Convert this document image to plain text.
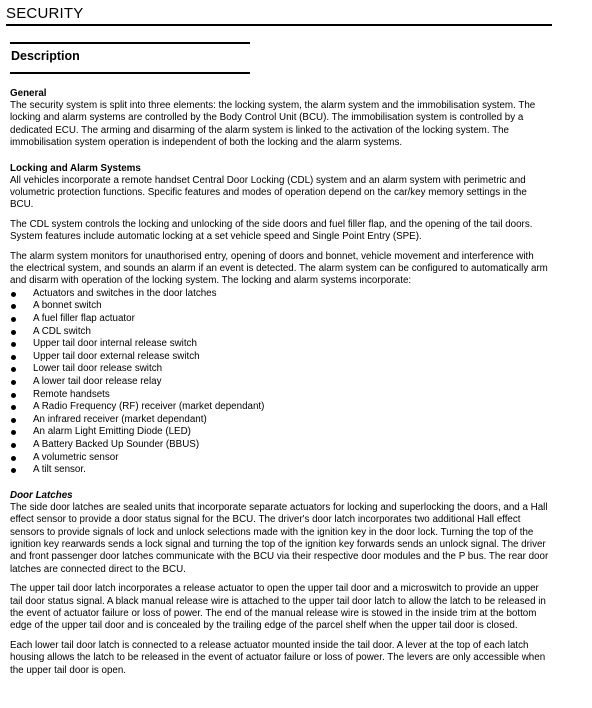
SECURITY
Description
General

The security system is split into three elements: the locking system, the alarm system and the immobilisation system. The locking and alarm systems are controlled by the Body Control Unit (BCU). The immobilisation system is controlled by a dedicated ECU. The arming and disarming of the alarm system is linked to the activation of the locking system. The immobilisation system operation is independent of both the locking and the alarm systems.

Locking and Alarm Systems

All vehicles incorporate a remote handset Central Door Locking (CDL) system and an alarm system with perimetric and volumetric protection functions. Specific features and modes of operation depend on the car/key memory settings in the BCU.

The CDL system controls the locking and unlocking of the side doors and fuel filler flap, and the opening of the tail doors. System features include automatic locking at a set vehicle speed and Single Point Entry (SPE).

The alarm system monitors for unauthorised entry, opening of doors and bonnet, vehicle movement and interference with the electrical system, and sounds an alarm if an event is detected. The alarm system can be configured to automatically arm and disarm with operation of the locking system. The locking and alarm systems incorporate:

Actuators and switches in the door latches
A bonnet switch
A fuel filler flap actuator
A CDL switch
Upper tail door internal release switch
Upper tail door external release switch
Lower tail door release switch
A lower tail door release relay
Remote handsets
A Radio Frequency (RF) receiver (market dependant)
An infrared receiver (market dependant)
An alarm Light Emitting Diode (LED)
A Battery Backed Up Sounder (BBUS)
A volumetric sensor
A tilt sensor.
Door Latches

The side door latches are sealed units that incorporate separate actuators for locking and superlocking the doors, and a Hall effect sensor to provide a door status signal for the BCU. The driver's door latch incorporates two additional Hall effect sensors to provide signals of lock and unlock selections made with the ignition key in the door lock. Turning the top of the ignition key rearwards sends a lock signal and turning the top of the ignition key forwards sends an unlock signal. The driver and front passenger door latches communicate with the BCU via their respective door modules and the P bus. The rear door latches are connected direct to the BCU.

The upper tail door latch incorporates a release actuator to open the upper tail door and a microswitch to provide an upper tail door status signal. A black manual release wire is attached to the upper tail door latch to allow the latch to be released in the event of actuator failure or loss of power. The end of the manual release wire is stowed in the inside trim at the bottom edge of the upper tail door and is concealed by the trailing edge of the parcel shelf when the upper tail door is closed.

Each lower tail door latch is connected to a release actuator mounted inside the tail door. A lever at the top of each latch housing allows the latch to be released in the event of actuator failure or loss of power. The levers are only accessible when the upper tail door is open.
